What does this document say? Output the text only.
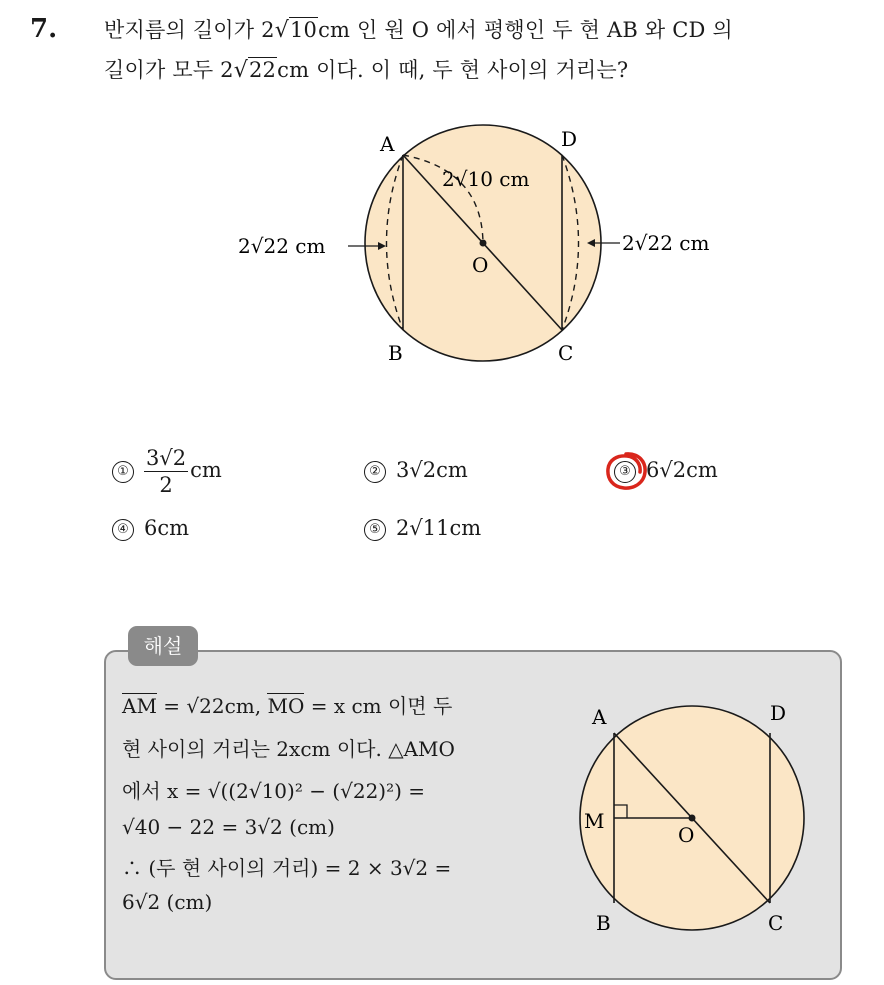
7. 반지름의 길이가 2√10cm 인 원 O 에서 평행인 두 현 AB 와 CD 의
길이가 모두 2√22cm 이다. 이 때, 두 현 사이의 거리는?
A	D
B	C
O
2√10 cm
2√22 cm	2√22 cm
① $\frac{3√2}{2}$ cm	② 3√2cm	③ 6√2cm
④ 6cm	⑤ 2√11cm
해설
AM = √22cm, MO = x cm 이면 두
현 사이의 거리는 2xcm 이다. △AMO
에서 x = √((2√10)² − (√22)²) =
√40 − 22 = 3√2 (cm)
∴ (두 현 사이의 거리) = 2 × 3√2 =
6√2 (cm)
A	D
B	C
M
O
